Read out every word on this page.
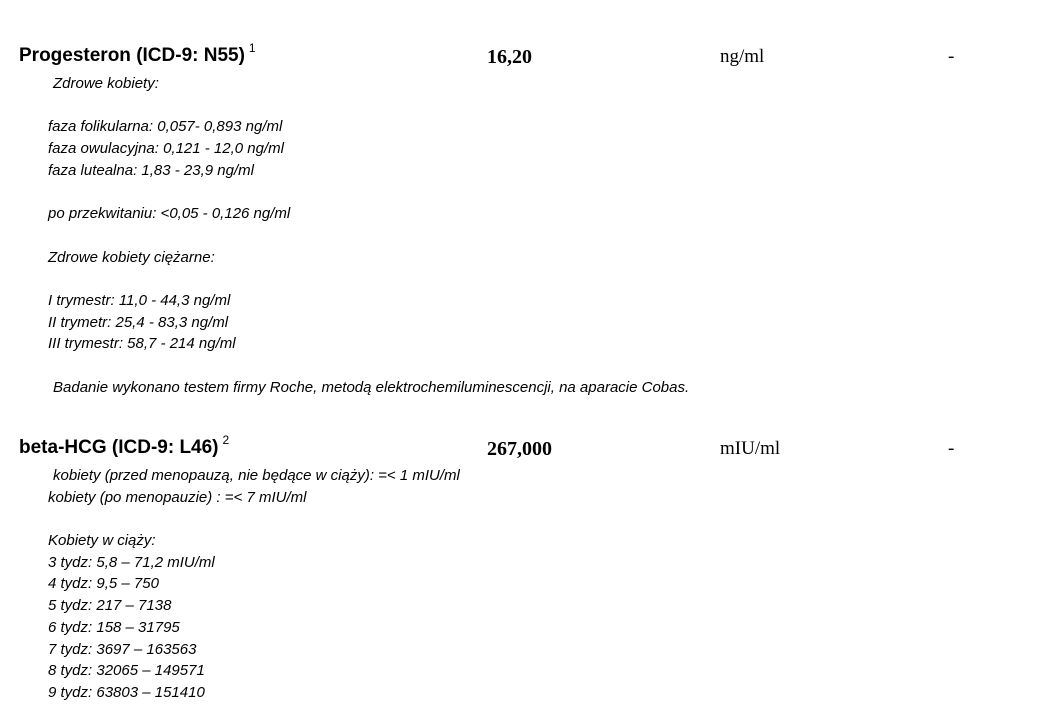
Progesteron (ICD-9: N55) $^1$	16,20	ng/ml	-
Zdrowe kobiety:
faza folikularna: 0,057- 0,893 ng/ml
faza owulacyjna: 0,121 - 12,0 ng/ml
faza lutealna: 1,83 - 23,9 ng/ml
po przekwitaniu: <0,05 - 0,126 ng/ml
Zdrowe kobiety ciężarne:
I trymestr: 11,0 - 44,3 ng/ml
II trymetr: 25,4 - 83,3 ng/ml
III trymestr: 58,7 - 214 ng/ml
Badanie wykonano testem firmy Roche, metodą elektrochemiluminescencji, na aparacie Cobas.
beta-HCG (ICD-9: L46) $^2$	267,000	mIU/ml	-
kobiety (przed menopauzą, nie będące w ciąży): =< 1 mIU/ml
kobiety (po menopauzie) : =< 7 mIU/ml
Kobiety w ciąży:
3 tydz: 5,8 – 71,2 mIU/ml
4 tydz: 9,5 – 750
5 tydz: 217 – 7138
6 tydz: 158 – 31795
7 tydz: 3697 – 163563
8 tydz: 32065 – 149571
9 tydz: 63803 – 151410
